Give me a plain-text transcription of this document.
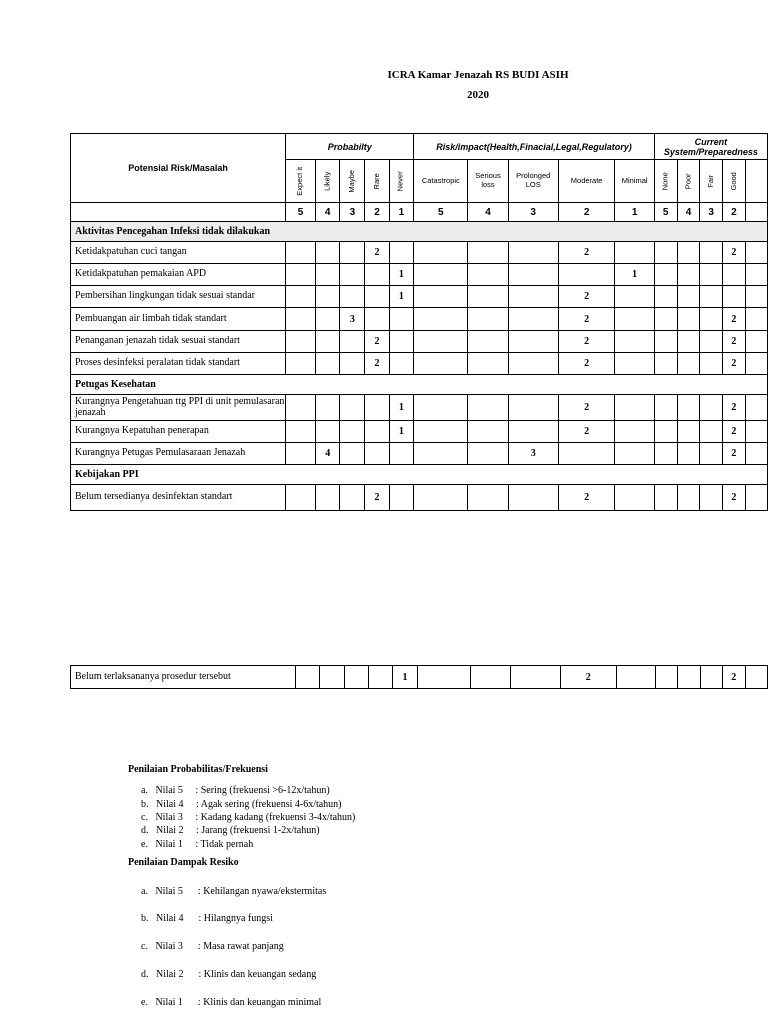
ICRA Kamar Jenazah RS BUDI ASIH
2020
Potensial Risk/Masalah	Probabilty					Risk/impact(Health,Finacial,Legal,Regulatory)					Current System/Preparedness				
	Expect it	Likely	Maybe	Rare	Never	Catastropic	Serious loss	Prolonged LOS	Moderate	Minimal	None	Poor	Fair	Good	
	5	4	3	2	1	5	4	3	2	1	5	4	3	2	
Aktivitas Pencegahan Infeksi tidak dilakukan															
Ketidakpatuhan cuci tangan				2					2					2	
Ketidakpatuhan pemakaian APD					1					1					
Pembersihan lingkungan tidak sesuai standar					1				2						
Pembuangan air limbah tidak standart			3						2					2	
Penanganan jenazah tidak sesuai standart				2					2					2	
Proses desinfeksi peralatan tidak standart				2					2					2	
Petugas Kesehatan															
Kurangnya Pengetahuan ttg PPI di unit pemulasaran jenazah					1				2					2	
Kurangnya Kepatuhan penerapan					1				2					2	
Kurangnya Petugas Pemulasaraan Jenazah		4						3						2	
Kebijakan PPI															
Belum tersedianya desinfektan standart				2					2					2	
Belum terlaksananya prosedur tersebut					1				2					2	
Penilaian Probabilitas/Frekuensi
a.   Nilai 5     : Sering (frekuensi >6-12x/tahun)
b.   Nilai 4     : Agak sering (frekuensi 4-6x/tahun)
c.   Nilai 3     : Kadang kadang (frekuensi 3-4x/tahun)
d.   Nilai 2     : Jarang (frekuensi 1-2x/tahun)
e.   Nilai 1     : Tidak pernah
Penilaian Dampak Resiko
a.   Nilai 5      : Kehilangan nyawa/ekstermitas
b.   Nilai 4      : Hilangnya fungsi
c.   Nilai 3      : Masa rawat panjang
d.   Nilai 2      : Klinis dan keuangan sedang
e.   Nilai 1      : Klinis dan keuangan minimal
